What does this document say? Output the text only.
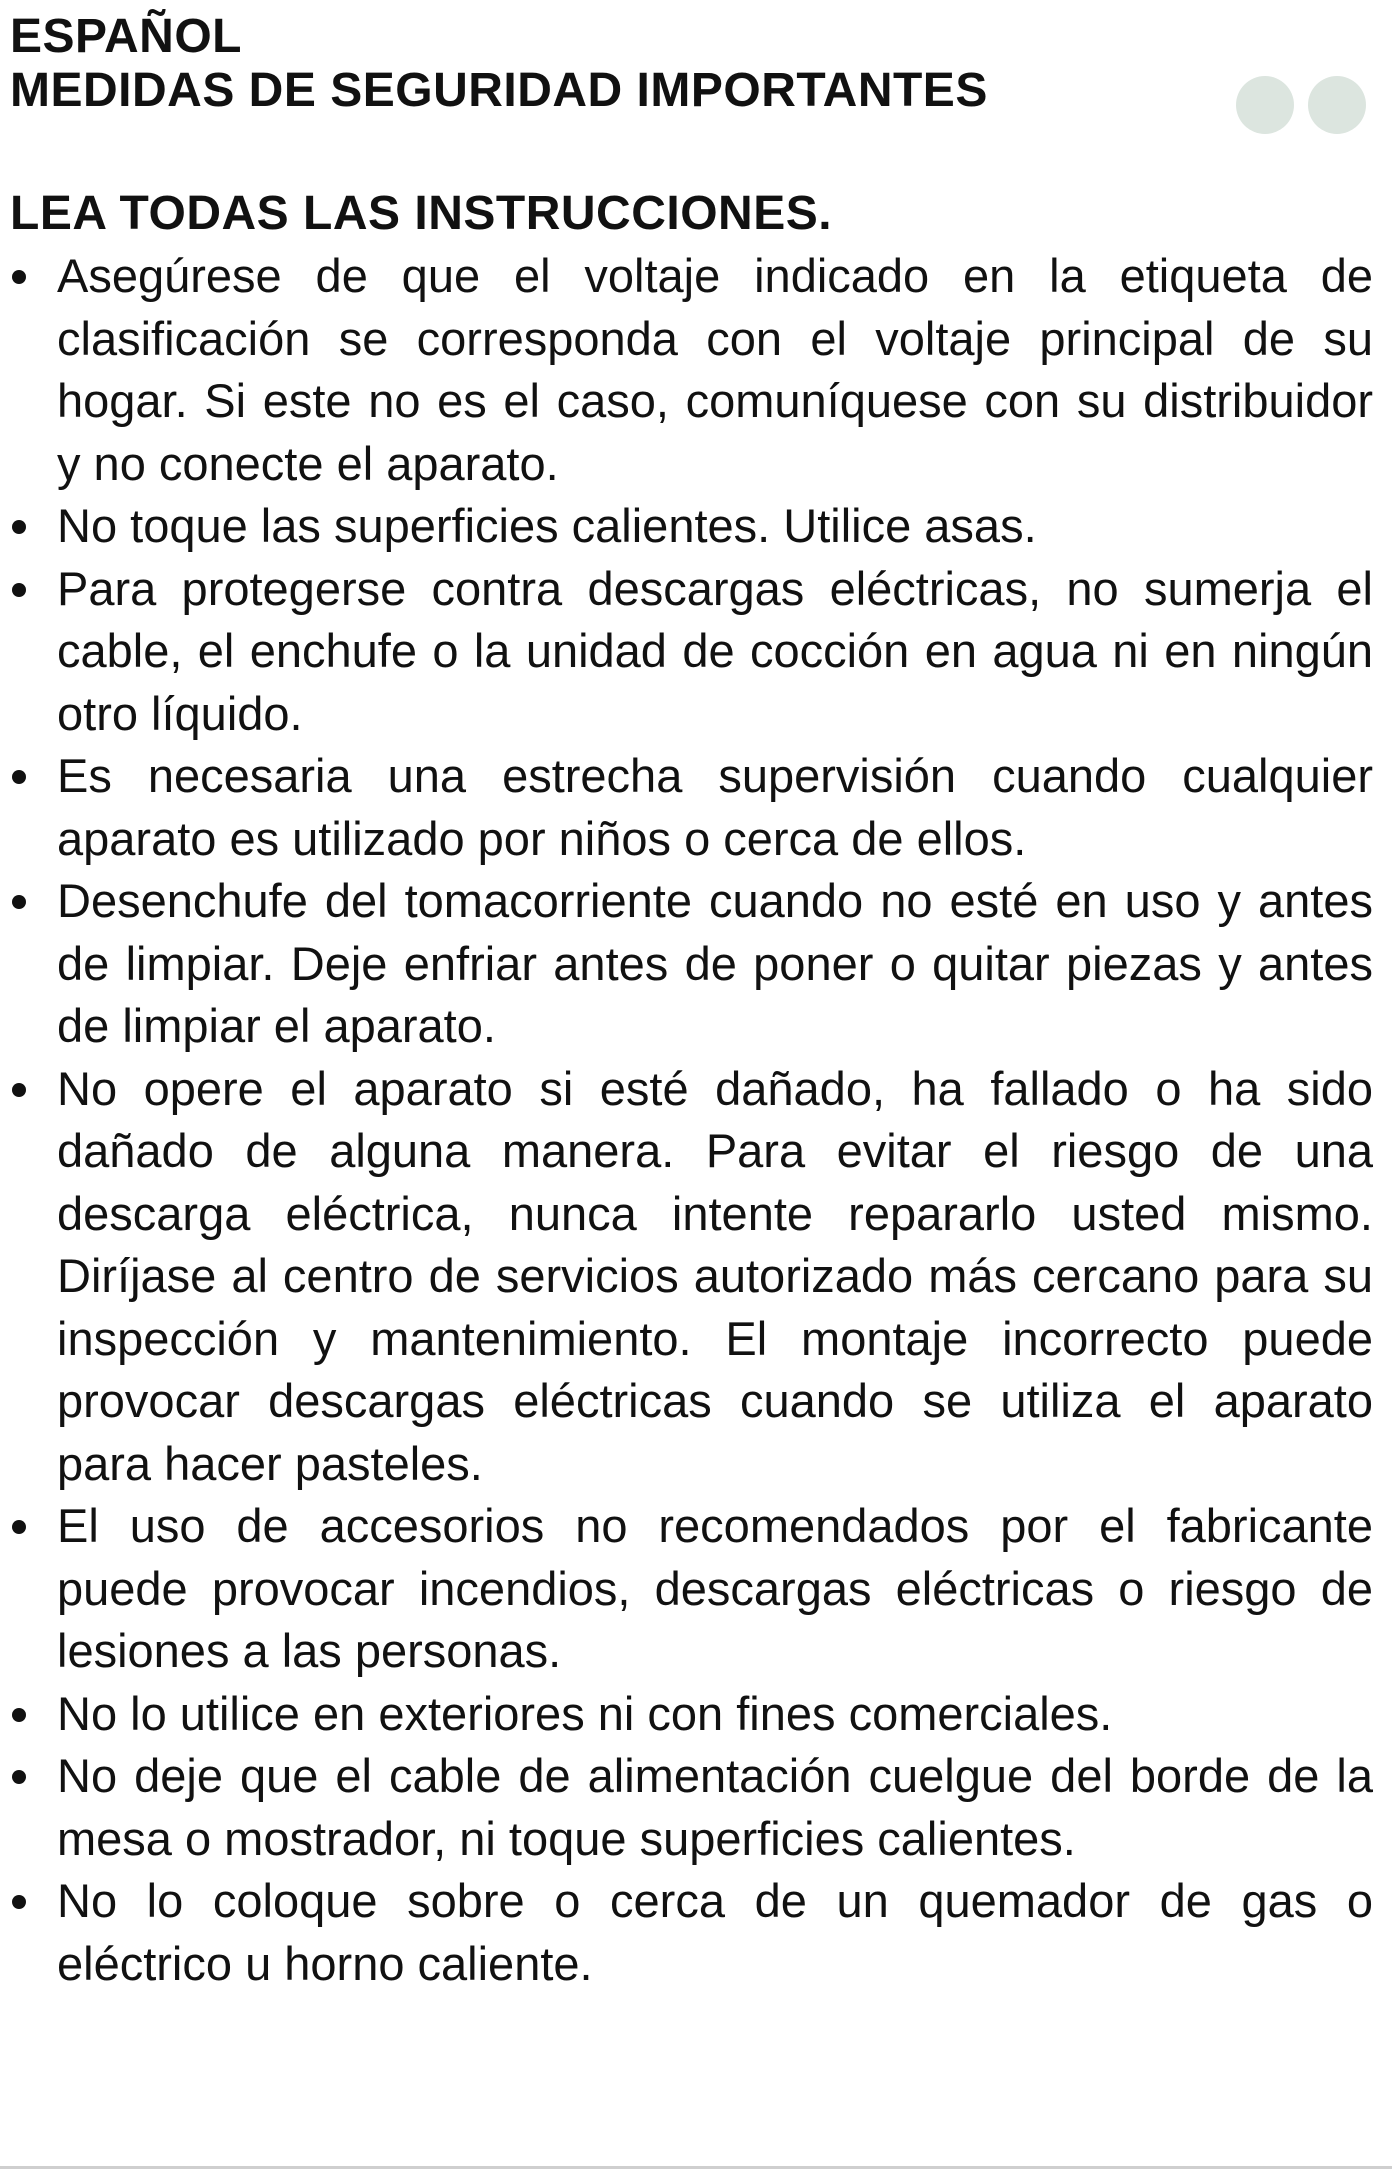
ESPAÑOL
MEDIDAS DE SEGURIDAD IMPORTANTES
LEA TODAS LAS INSTRUCCIONES.
Asegúrese de que el voltaje indicado en la etiqueta de clasificación se corresponda con el voltaje principal de su hogar. Si este no es el caso, comuníquese con su distribuidor y no conecte el aparato.
No toque las superficies calientes. Utilice asas.
Para protegerse contra descargas eléctricas, no sumerja el cable, el enchufe o la unidad de cocción en agua ni en ningún otro líquido.
Es necesaria una estrecha supervisión cuando cualquier aparato es utilizado por niños o cerca de ellos.
Desenchufe del tomacorriente cuando no esté en uso y antes de limpiar. Deje enfriar antes de poner o quitar piezas y antes de limpiar el aparato.
No opere el aparato si esté dañado, ha fallado o ha sido dañado de alguna manera. Para evitar el riesgo de una descarga eléctrica, nunca intente repararlo usted mismo. Diríjase al centro de servicios autorizado más cercano para su inspección y mantenimiento. El montaje incorrecto puede provocar descargas eléctricas cuando se utiliza el aparato para hacer pasteles.
El uso de accesorios no recomendados por el fabricante puede provocar incendios, descargas eléctricas o riesgo de lesiones a las personas.
No lo utilice en exteriores ni con fines comerciales.
No deje que el cable de alimentación cuelgue del borde de la mesa o mostrador, ni toque superficies calientes.
No lo coloque sobre o cerca de un quemador de gas o eléctrico u horno caliente.
